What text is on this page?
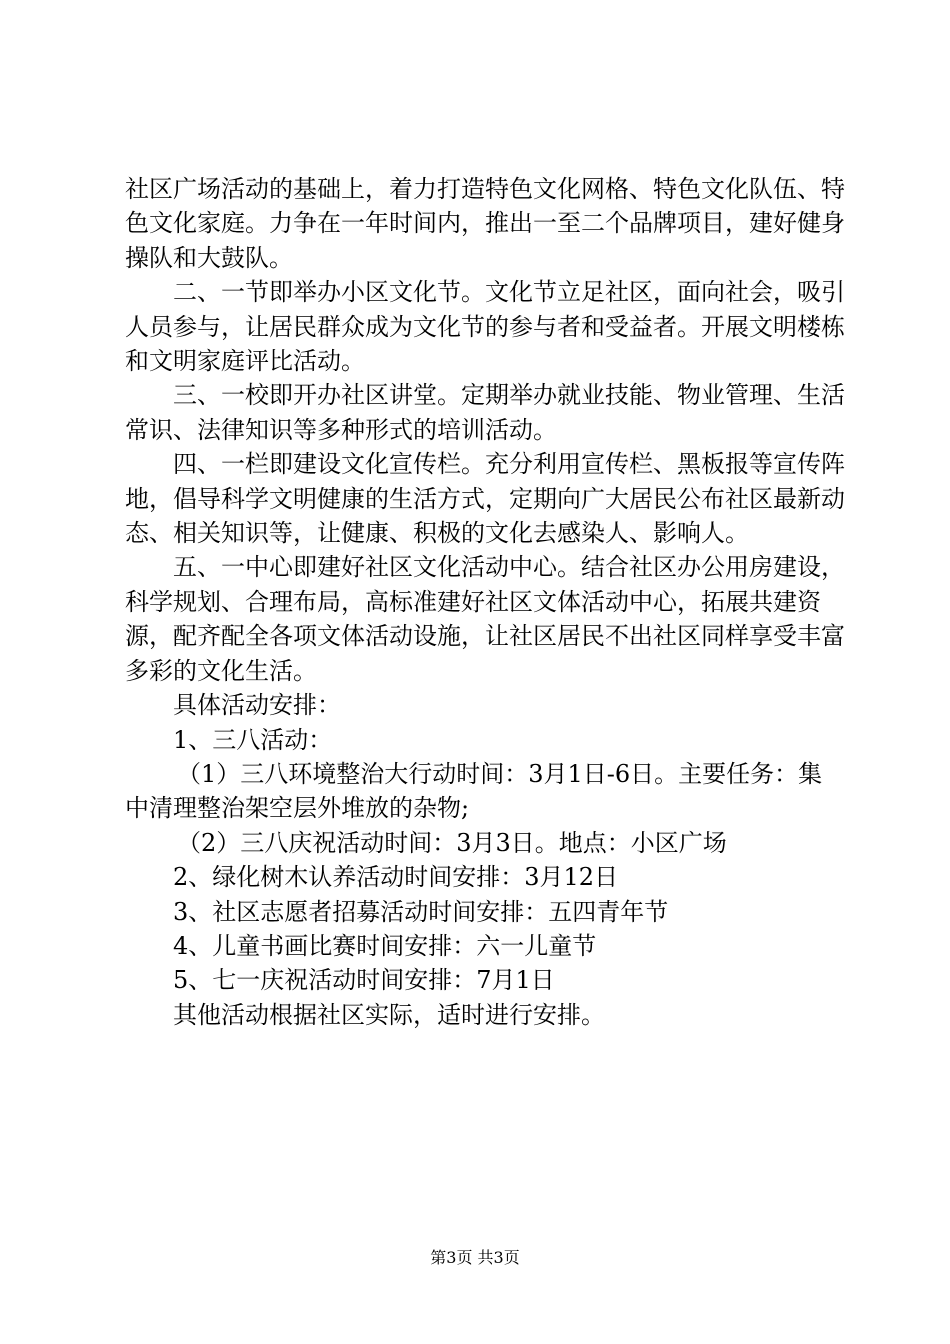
社区广场活动的基础上，着力打造特色文化网格、特色文化队伍、特色文化家庭。力争在一年时间内，推出一至二个品牌项目，建好健身操队和大鼓队。

二、一节即举办小区文化节。文化节立足社区，面向社会，吸引人员参与，让居民群众成为文化节的参与者和受益者。开展文明楼栋和文明家庭评比活动。

三、一校即开办社区讲堂。定期举办就业技能、物业管理、生活常识、法律知识等多种形式的培训活动。

四、一栏即建设文化宣传栏。充分利用宣传栏、黑板报等宣传阵地，倡导科学文明健康的生活方式，定期向广大居民公布社区最新动态、相关知识等，让健康、积极的文化去感染人、影响人。

五、一中心即建好社区文化活动中心。结合社区办公用房建设，科学规划、合理布局，高标准建好社区文体活动中心，拓展共建资源，配齐配全各项文体活动设施，让社区居民不出社区同样享受丰富多彩的文化生活。

具体活动安排：

1、三八活动：

（1）三八环境整治大行动时间：3月1日-6日。主要任务：集中清理整治架空层外堆放的杂物;

（2）三八庆祝活动时间：3月3日。地点：小区广场

2、绿化树木认养活动时间安排：3月12日

3、社区志愿者招募活动时间安排：五四青年节

4、儿童书画比赛时间安排：六一儿童节

5、七一庆祝活动时间安排：7月1日

其他活动根据社区实际，适时进行安排。

第3页 共3页
